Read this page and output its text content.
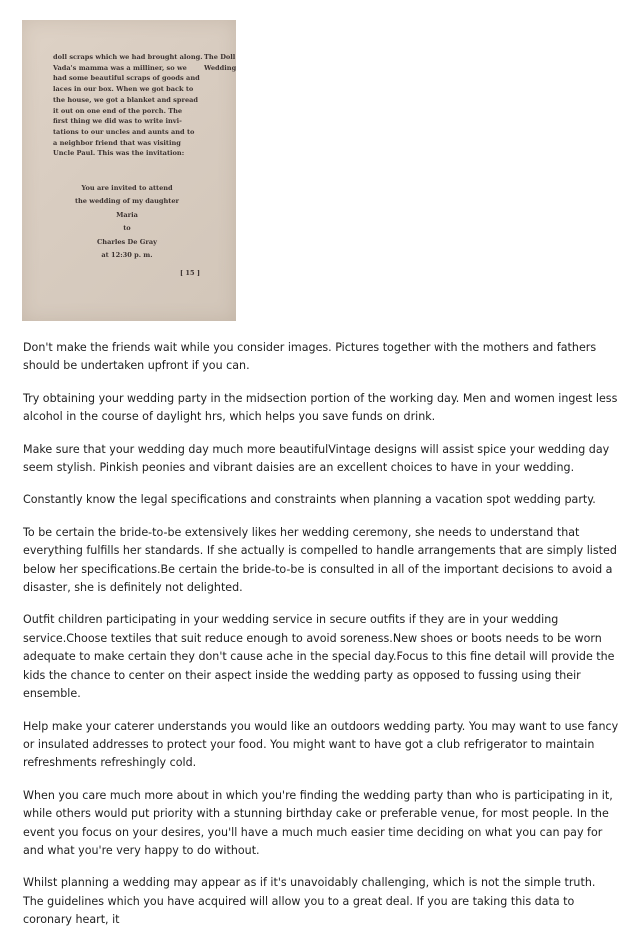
doll scraps which we had brought along.
Vada's mamma was a milliner, so we
had some beautiful scraps of goods and
laces in our box. When we got back to
the house, we got a blanket and spread
it out on one end of the porch. The
first thing we did was to write invi-
tations to our uncles and aunts and to
a neighbor friend that was visiting
Uncle Paul. This was the invitation:
The Doll
Wedding
You are invited to attend
the wedding of my daughter
Maria
to
Charles De Gray
at 12:30 p. m.
[ 15 ]

Don't make the friends wait while you consider images. Pictures together with the mothers and fathers should be undertaken upfront if you can.

Try obtaining your wedding party in the midsection portion of the working day. Men and women ingest less alcohol in the course of daylight hrs, which helps you save funds on drink.

Make sure that your wedding day much more beautifulVintage designs will assist spice your wedding day seem stylish. Pinkish peonies and vibrant daisies are an excellent choices to have in your wedding.

Constantly know the legal specifications and constraints when planning a vacation spot wedding party.

To be certain the bride-to-be extensively likes her wedding ceremony, she needs to understand that everything fulfills her standards. If she actually is compelled to handle arrangements that are simply listed below her specifications.Be certain the bride-to-be is consulted in all of the important decisions to avoid a disaster, she is definitely not delighted.

Outfit children participating in your wedding service in secure outfits if they are in your wedding service.Choose textiles that suit reduce enough to avoid soreness.New shoes or boots needs to be worn adequate to make certain they don't cause ache in the special day.Focus to this fine detail will provide the kids the chance to center on their aspect inside the wedding party as opposed to fussing using their ensemble.

Help make your caterer understands you would like an outdoors wedding party. You may want to use fancy or insulated addresses to protect your food. You might want to have got a club refrigerator to maintain refreshments refreshingly cold.

When you care much more about in which you're finding the wedding party than who is participating in it, while others would put priority with a stunning birthday cake or preferable venue, for most people. In the event you focus on your desires, you'll have a much much easier time deciding on what you can pay for and what you're very happy to do without.

Whilst planning a wedding may appear as if it's unavoidably challenging, which is not the simple truth. The guidelines which you have acquired will allow you to a great deal. If you are taking this data to coronary heart, it
